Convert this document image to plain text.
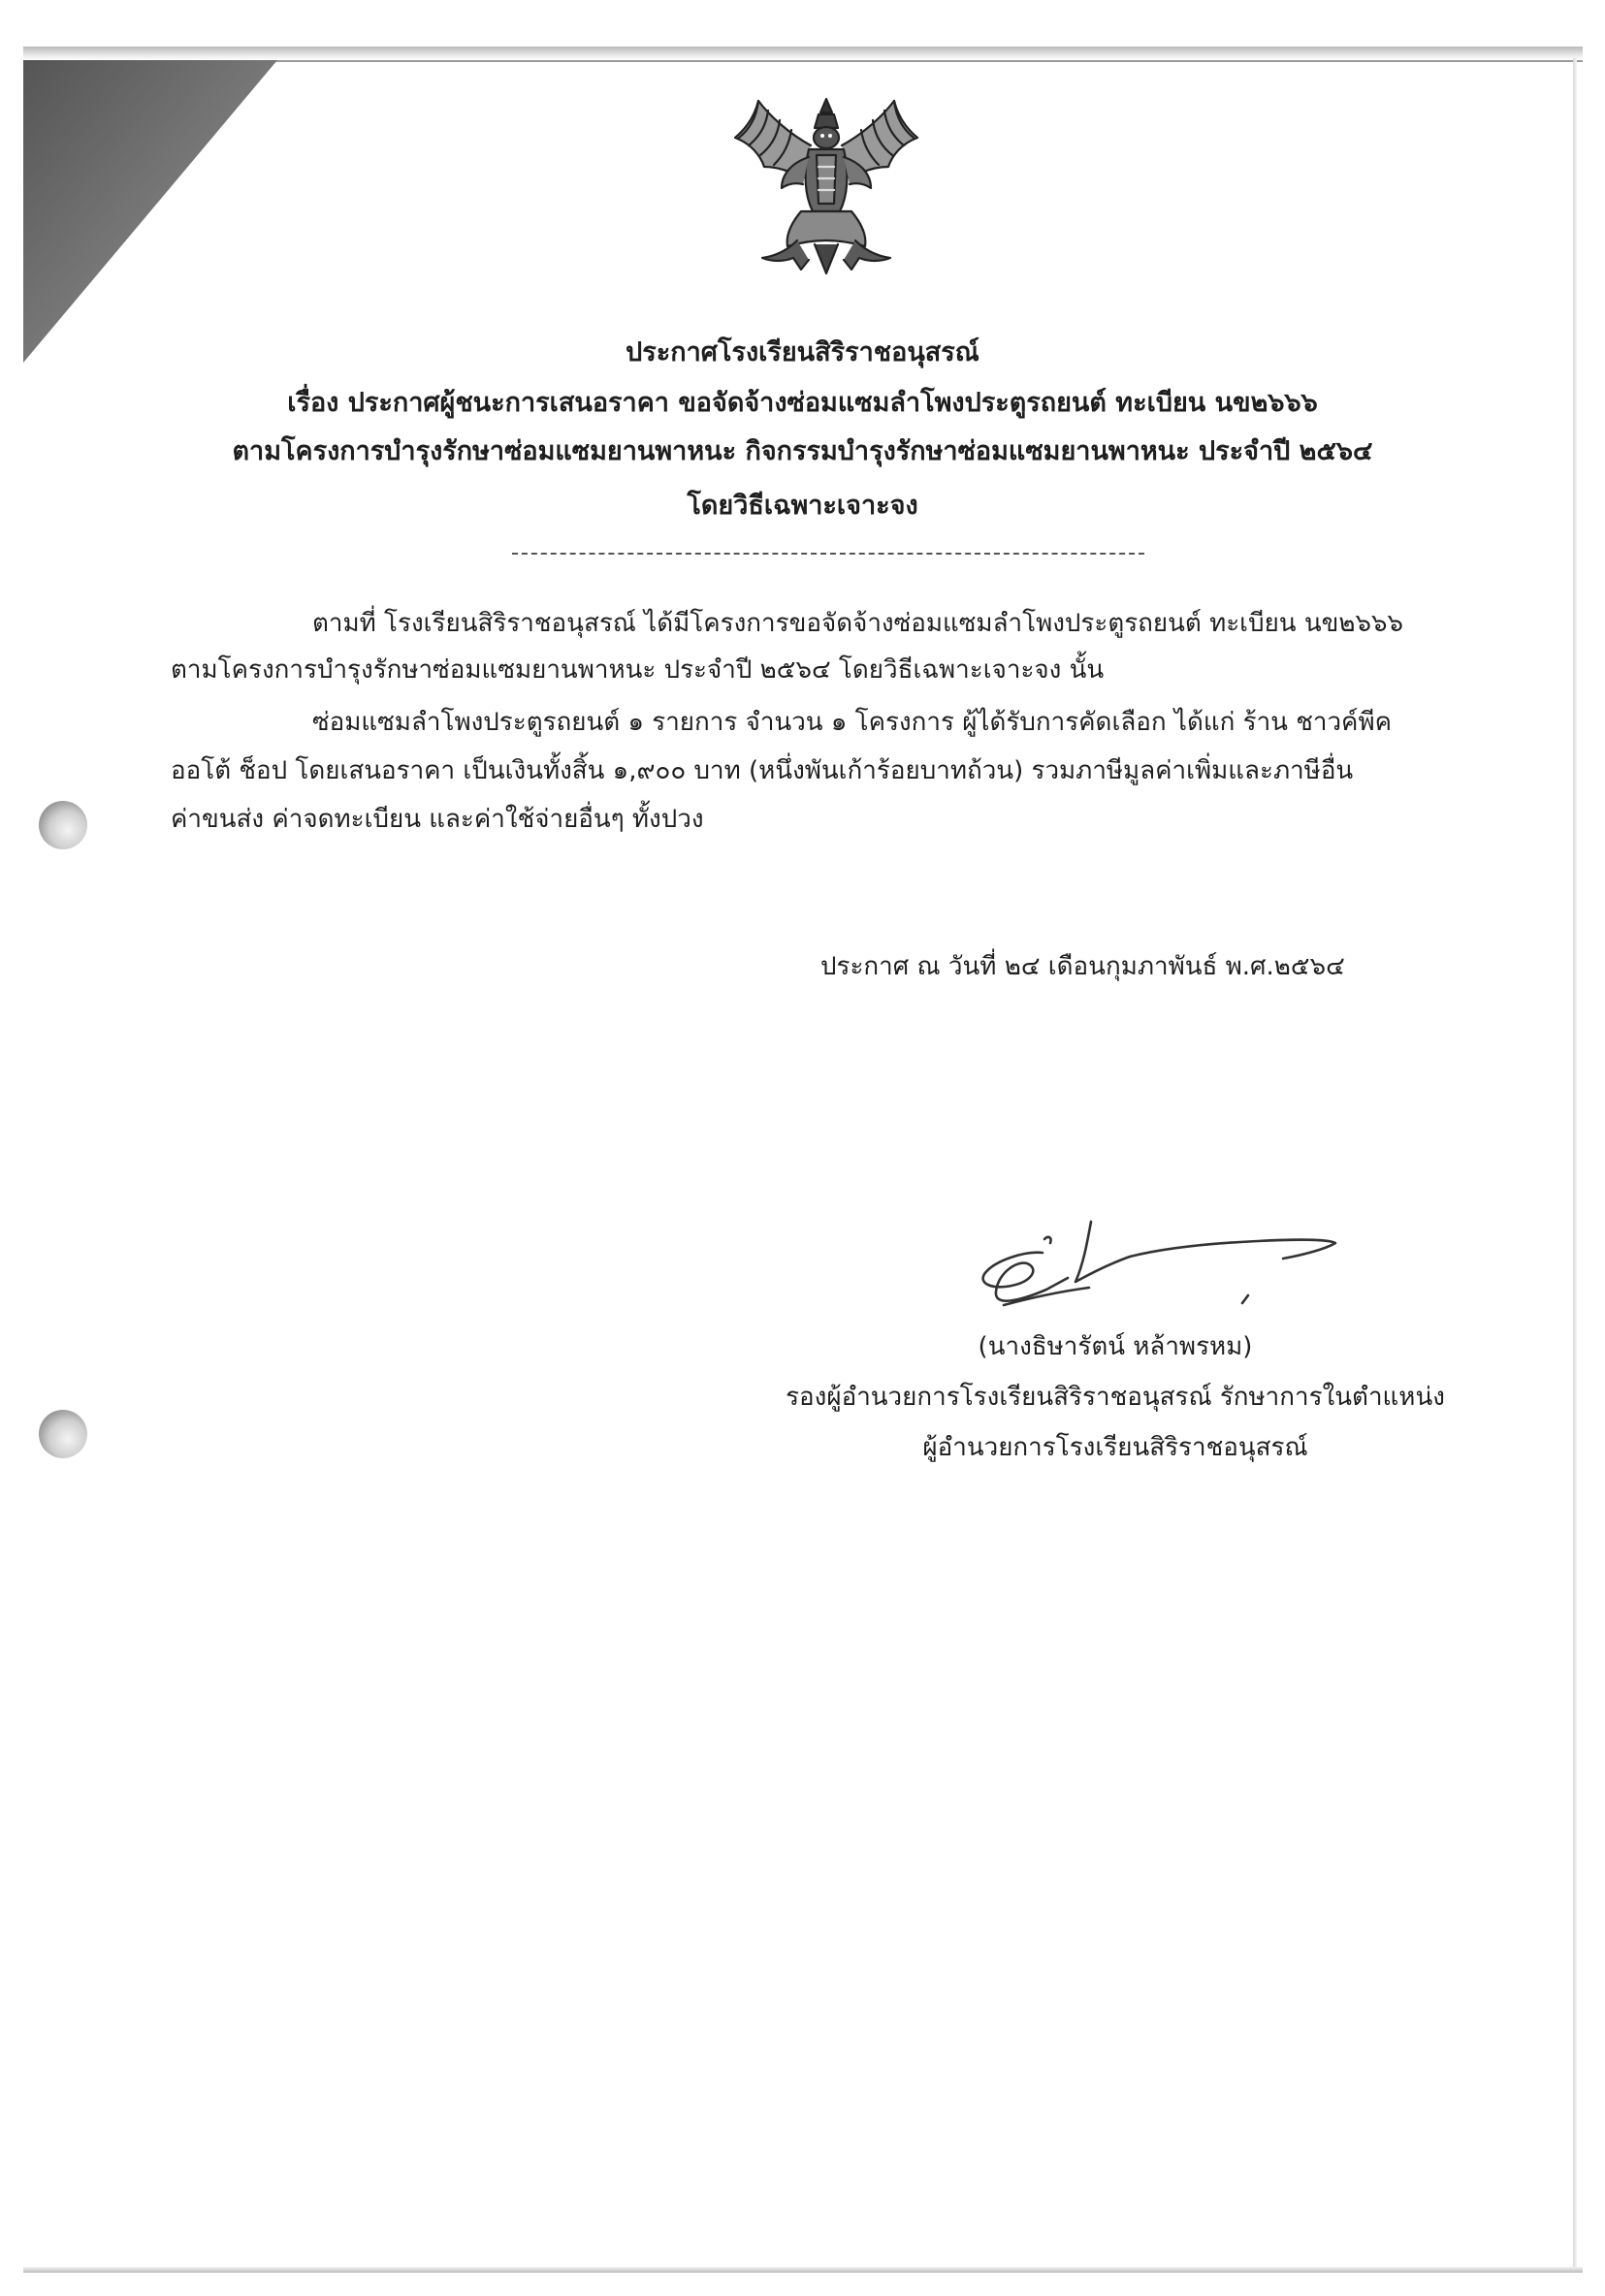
ประกาศโรงเรียนสิริราชอนุสรณ์
เรื่อง ประกาศผู้ชนะการเสนอราคา ขอจัดจ้างซ่อมแซมลำโพงประตูรถยนต์ ทะเบียน นข๒๖๖๖
ตามโครงการบำรุงรักษาซ่อมแซมยานพาหนะ กิจกรรมบำรุงรักษาซ่อมแซมยานพาหนะ ประจำปี ๒๕๖๔
โดยวิธีเฉพาะเจาะจง
ตามที่ โรงเรียนสิริราชอนุสรณ์ ได้มีโครงการขอจัดจ้างซ่อมแซมลำโพงประตูรถยนต์ ทะเบียน นข๒๖๖๖
ตามโครงการบำรุงรักษาซ่อมแซมยานพาหนะ ประจำปี ๒๕๖๔ โดยวิธีเฉพาะเจาะจง นั้น
ซ่อมแซมลำโพงประตูรถยนต์ ๑ รายการ จำนวน ๑ โครงการ ผู้ได้รับการคัดเลือก ได้แก่ ร้าน ชาวค์พีค
ออโต้ ช็อป โดยเสนอราคา เป็นเงินทั้งสิ้น ๑,๙๐๐ บาท (หนึ่งพันเก้าร้อยบาทถ้วน) รวมภาษีมูลค่าเพิ่มและภาษีอื่น
ค่าขนส่ง ค่าจดทะเบียน และค่าใช้จ่ายอื่นๆ ทั้งปวง
ประกาศ ณ วันที่ ๒๔ เดือนกุมภาพันธ์ พ.ศ.๒๕๖๔
(นางธิษารัตน์ หล้าพรหม)
รองผู้อำนวยการโรงเรียนสิริราชอนุสรณ์ รักษาการในตำแหน่ง
ผู้อำนวยการโรงเรียนสิริราชอนุสรณ์
